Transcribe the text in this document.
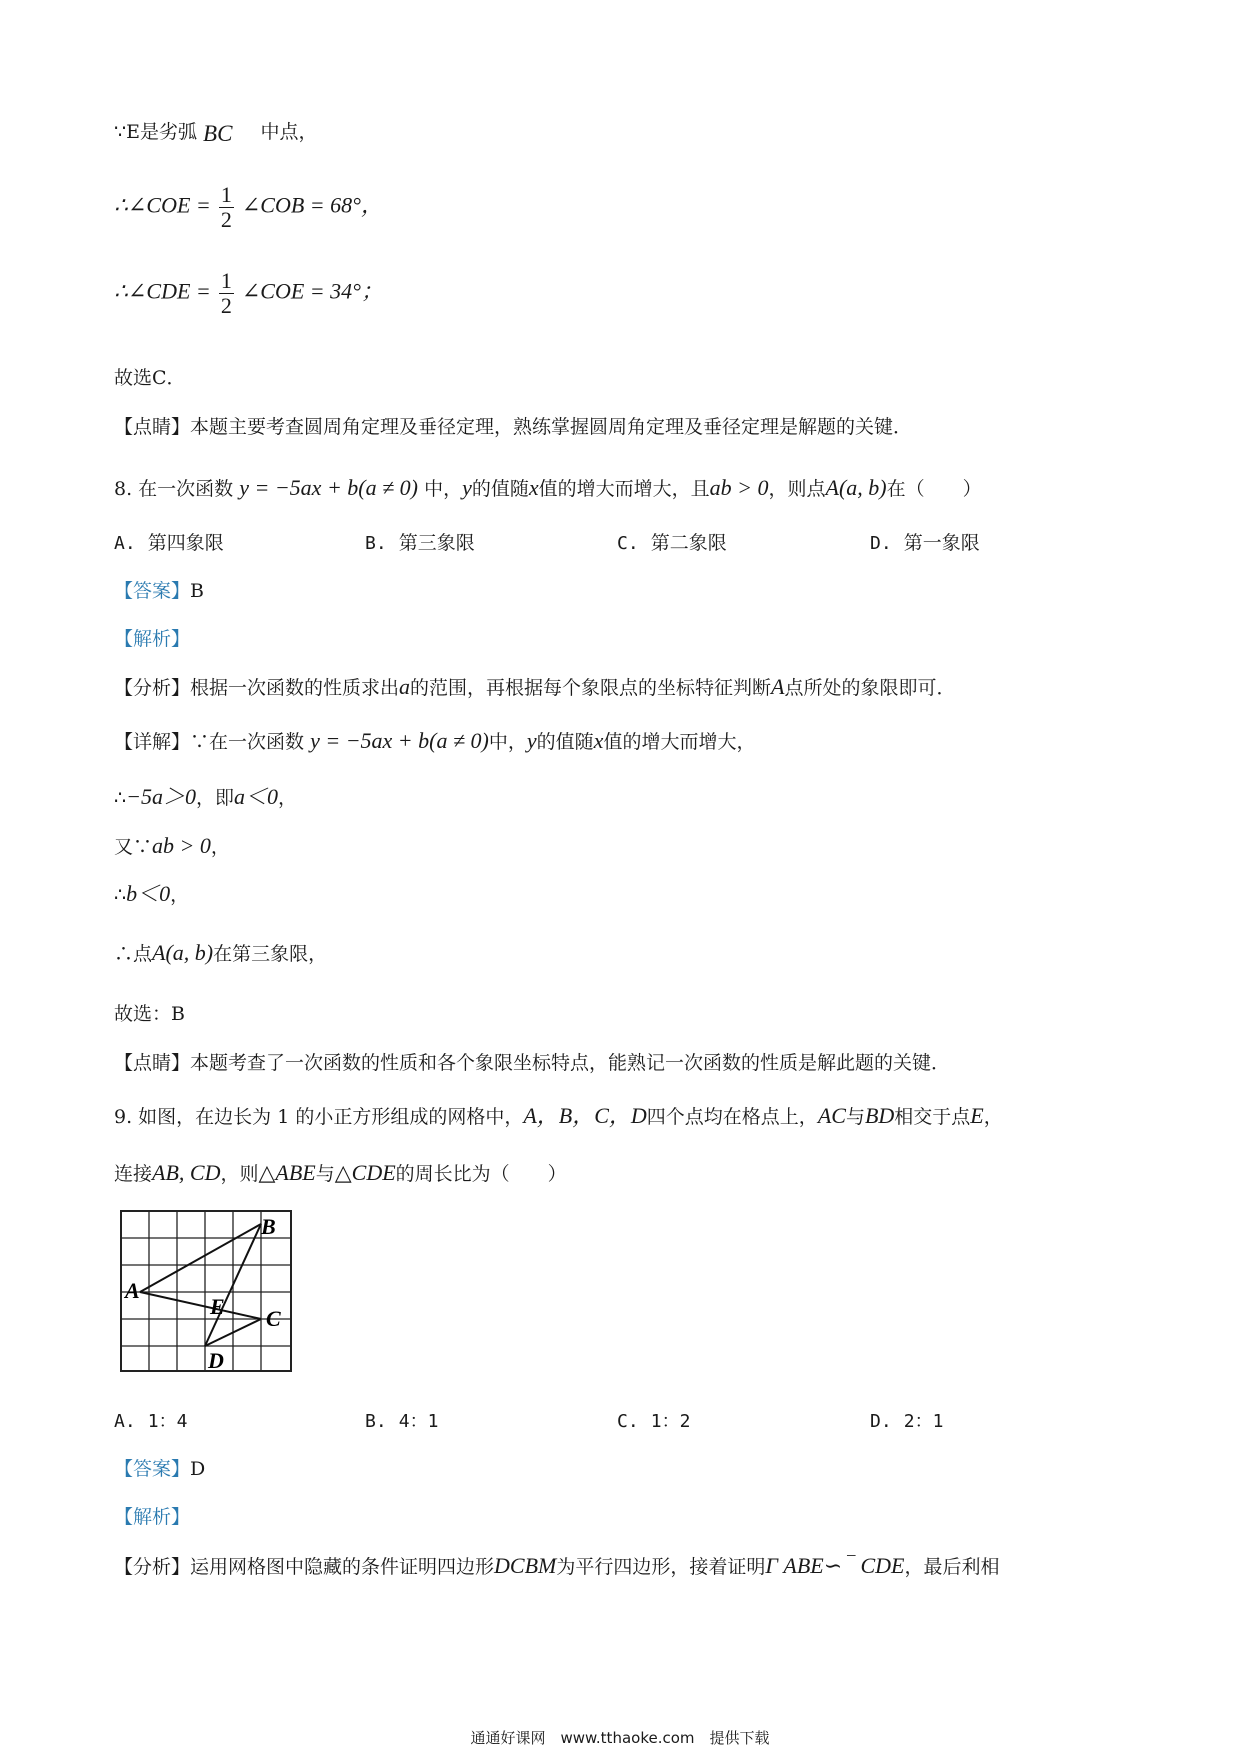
∵E是劣弧 BC 中点，
∴∠COE = $\frac{1}{2}$ ∠COB = 68°，
∴∠CDE = $\frac{1}{2}$ ∠COE = 34°；
故选C．
【点睛】本题主要考查圆周角定理及垂径定理，熟练掌握圆周角定理及垂径定理是解题的关键．
8. 在一次函数 y = −5ax + b(a ≠ 0) 中，y的值随x值的增大而增大，且ab > 0，则点A(a, b)在（　　）
A. 第四象限	B. 第三象限	C. 第二象限	D. 第一象限
【答案】B
【解析】
【分析】根据一次函数的性质求出a的范围，再根据每个象限点的坐标特征判断A点所处的象限即可．
【详解】∵在一次函数 y = −5ax + b(a ≠ 0)中，y的值随x值的增大而增大，
∴−5a＞0，即a＜0，
又∵ab > 0，
∴b＜0，
∴点A(a, b)在第三象限，
故选：B
【点睛】本题考查了一次函数的性质和各个象限坐标特点，能熟记一次函数的性质是解此题的关键．
9. 如图，在边长为 1 的小正方形组成的网格中，A，B，C，D四个点均在格点上，AC与BD相交于点E，
连接AB, CD，则△ABE与△CDE的周长比为（　　）
A
B
C
D
E
A. 1：4	B. 4：1	C. 1：2	D. 2：1
【答案】D
【解析】
【分析】运用网格图中隐藏的条件证明四边形DCBM为平行四边形，接着证明Γ ABE∽ ‾ CDE，最后利相
通通好课网　www.tthaoke.com　提供下载
